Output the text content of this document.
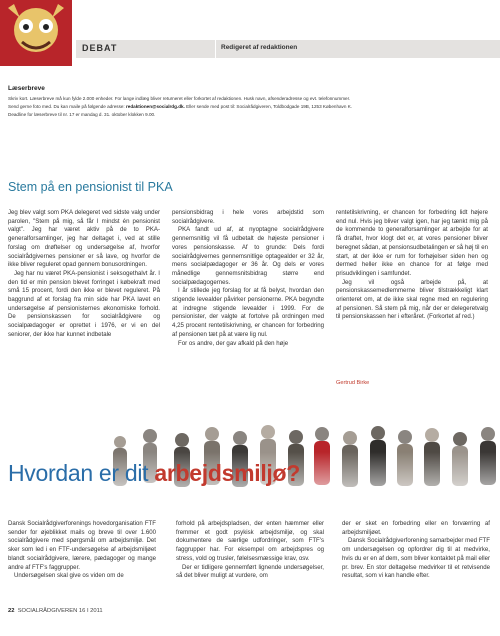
DEBAT	Redigeret af redaktionen
Læserbreve

Skriv kort. Læserbreve må kun fylde 2.000 enheder. For lange indlæg bliver returneret eller forkortet af redaktionen. Husk navn, afsenderadresse og evt. telefonnummer.

Send gerne foto med. Du kan maile på følgende adresse: redaktionen@socialrdg.dk. Eller sende med post til: Socialrådgiveren, Toldbodgade 19B, 1253 København K.

Deadline for læserbreve til nr. 17 er mandag d. 31. oktober klokken 9.00.

Stem på en pensionist til PKA

Jeg blev valgt som PKA delegeret ved sidste valg under parolen, "Stem på mig, så får I mindst én pensionist valgt". Jeg har været aktiv på de to PKA-generalforsamlinger, jeg har deltaget i, ved at stille forslag om drøftelser og undersøgelse af, hvorfor socialrådgivernes pensioner er så lave, og hvorfor de ikke bliver reguleret opad gennem bonusordningen.

Jeg har nu været PKA-pensionist i seksogethalvt år. I den tid er min pension blevet forringet i købekraft med små 15 procent, fordi den ikke er blevet reguleret. På baggrund af et forslag fra min side har PKA lavet en undersøgelse af pensionisternes økonomiske forhold. De pensionskassen for socialrådgivere og socialpædagoger er oprettet i 1976, er vi en del seniorer, der ikke har kunnet indbetale

pensionsbidrag i hele vores arbejdstid som socialrådgivere.

PKA fandt ud af, at nyoptagne socialrådgivere gennemsnitlig vil få udbetalt de højeste pensioner i vores pensionskasse. Af to grunde: Dels fordi socialrådgivernes gennemsnitlige optagealder er 32 år, mens socialpædagoger er 36 år. Og dels er vores månedlige gennemsnitsbidrag større end socialpædagogernes.

I år stillede jeg forslag for at få belyst, hvordan den stigende levealder påvirker pensionerne. PKA begyndte at indregne stigende levealder i 1999. For de pensionister, der valgte at fortolve på ordningen med 4,25 procent rentetilskrivning, er chancen for forbedring af pensionen tæt på at være lig nul.

For os andre, der gav afkald på den høje

rentetilskrivning, er chancen for forbedring lidt højere end nul. Hvis jeg bliver valgt igen, har jeg tænkt mig på de kommende to generalforsamlinger at arbejde for at få draftet, hvor klogt det er, at vores pensioner bliver beregnet sådan, at pensionsudbetalingen er så høj til en start, at der ikke er rum for forhøjelser siden hen og dermed heller ikke en chance for at følge med prisudviklingen i samfundet.

Jeg vil også arbejde på, at pensionskassemedlemmerne bliver tilstrækkeligt klart orienteret om, at de ikke skal regne med en regulering af pensionen. Så stem på mig, når der er delegeretvalg til pensionskassen her i efteråret. (Forkortet af red.)

Gertrud Birke
Hvordan er dit arbejdsmiljø?

Dansk Socialrådgiverforenings hovedorganisation FTF sender for øjeblikket mails og breve til over 1.600 socialrådgivere med spørgsmål om arbejdsmiljø. Det sker som led i en FTF-undersøgelse af arbejdsmiljøet blandt socialrådgivere, lærere, pædagoger og mange andre af FTF's faggrupper.

Undersøgelsen skal give os viden om de

forhold på arbejdspladsen, der enten hæmmer eller fremmer et godt psykisk arbejdsmiljø, og skal dokumentere de særlige udfordringer, som FTF's faggrupper har. For eksempel om arbejdspres og stress, vold og trusler, følelsesmæssige krav, osv.

Der er tidligere gennemført lignende undersøgelser, så det bliver muligt at vurdere, om

der er sket en forbedring eller en forværring af arbejdsmiljøet.

Dansk Socialrådgiverforening samarbejder med FTF om undersøgelsen og opfordrer dig til at medvirke, hvis du er en af dem, som bliver kontaktet på mail eller pr. brev. En stor deltagelse medvirker til et retvisende resultat, som vi kan handle efter.

22 SOCIALRÅDGIVEREN 16 I 2011
